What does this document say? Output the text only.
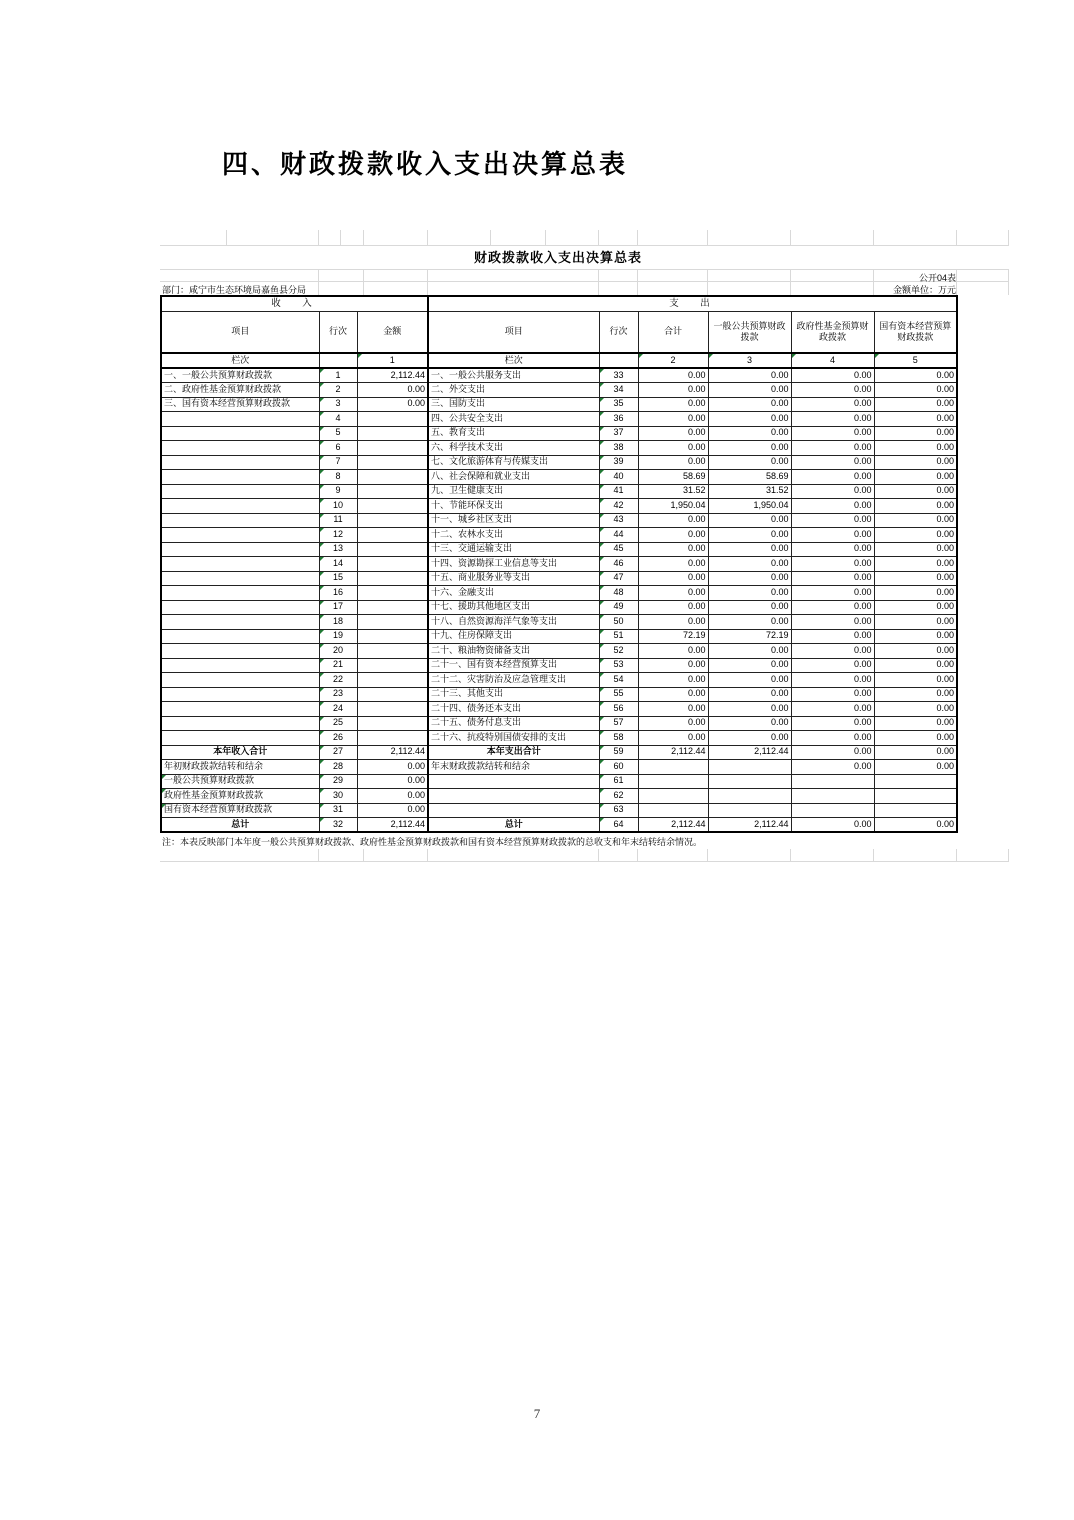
四、财政拨款收入支出决算总表
财政拨款收入支出决算总表
公开04表
部门：咸宁市生态环境局嘉鱼县分局	金额单位：万元
收　入			支　出					
项目	行次	金额	项目	行次	合计	一般公共预算财政拨款	政府性基金预算财政拨款	国有资本经营预算财政拨款
栏次		1	栏次		2	3	4	5
一、一般公共预算财政拨款	1	2,112.44	一、一般公共服务支出	33	0.00	0.00	0.00	0.00
二、政府性基金预算财政拨款	2	0.00	二、外交支出	34	0.00	0.00	0.00	0.00
三、国有资本经营预算财政拨款	3	0.00	三、国防支出	35	0.00	0.00	0.00	0.00
	4		四、公共安全支出	36	0.00	0.00	0.00	0.00
	5		五、教育支出	37	0.00	0.00	0.00	0.00
	6		六、科学技术支出	38	0.00	0.00	0.00	0.00
	7		七、文化旅游体育与传媒支出	39	0.00	0.00	0.00	0.00
	8		八、社会保障和就业支出	40	58.69	58.69	0.00	0.00
	9		九、卫生健康支出	41	31.52	31.52	0.00	0.00
	10		十、节能环保支出	42	1,950.04	1,950.04	0.00	0.00
	11		十一、城乡社区支出	43	0.00	0.00	0.00	0.00
	12		十二、农林水支出	44	0.00	0.00	0.00	0.00
	13		十三、交通运输支出	45	0.00	0.00	0.00	0.00
	14		十四、资源勘探工业信息等支出	46	0.00	0.00	0.00	0.00
	15		十五、商业服务业等支出	47	0.00	0.00	0.00	0.00
	16		十六、金融支出	48	0.00	0.00	0.00	0.00
	17		十七、援助其他地区支出	49	0.00	0.00	0.00	0.00
	18		十八、自然资源海洋气象等支出	50	0.00	0.00	0.00	0.00
	19		十九、住房保障支出	51	72.19	72.19	0.00	0.00
	20		二十、粮油物资储备支出	52	0.00	0.00	0.00	0.00
	21		二十一、国有资本经营预算支出	53	0.00	0.00	0.00	0.00
	22		二十二、灾害防治及应急管理支出	54	0.00	0.00	0.00	0.00
	23		二十三、其他支出	55	0.00	0.00	0.00	0.00
	24		二十四、债务还本支出	56	0.00	0.00	0.00	0.00
	25		二十五、债务付息支出	57	0.00	0.00	0.00	0.00
	26		二十六、抗疫特别国债安排的支出	58	0.00	0.00	0.00	0.00
本年收入合计	27	2,112.44	本年支出合计	59	2,112.44	2,112.44	0.00	0.00
年初财政拨款结转和结余	28	0.00	年末财政拨款结转和结余	60			0.00	0.00
一般公共预算财政拨款	29	0.00		61				
政府性基金预算财政拨款	30	0.00		62				
国有资本经营预算财政拨款	31	0.00		63				
总计	32	2,112.44	总计	64	2,112.44	2,112.44	0.00	0.00
注：本表反映部门本年度一般公共预算财政拨款、政府性基金预算财政拨款和国有资本经营预算财政拨款的总收支和年末结转结余情况。
7
